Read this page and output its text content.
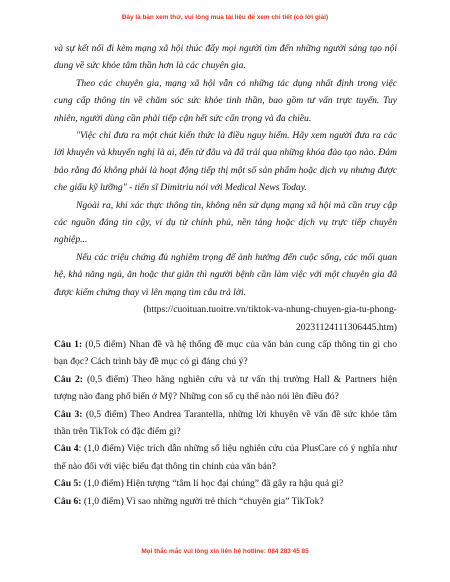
Đây là bản xem thử, vui lòng mua tài liệu để xem chi tiết (có lời giải)

và sự kết nối đi kèm mạng xã hội thúc đẩy mọi người tìm đến những người sáng tạo nội dung về sức khỏe tâm thần hơn là các chuyên gia.

Theo các chuyên gia, mạng xã hội vẫn có những tác dụng nhất định trong việc cung cấp thông tin về chăm sóc sức khỏe tinh thần, bao gồm tư vấn trực tuyến. Tuy nhiên, người dùng cần phải tiếp cận hết sức cẩn trọng và đa chiều.

"Việc chỉ đưa ra một chút kiến thức là điều nguy hiểm. Hãy xem người đưa ra các lời khuyên và khuyến nghị là ai, đến từ đâu và đã trải qua những khóa đào tạo nào. Đảm bảo rằng đó không phải là hoạt động tiếp thị một số sản phẩm hoặc dịch vụ nhưng được che giấu kỹ lưỡng" - tiến sĩ Dimitriu nói với Medical News Today.

Ngoài ra, khi xác thực thông tin, không nên sử dụng mạng xã hội mà cần truy cập các nguồn đáng tin cậy, ví dụ từ chính phủ, nền tảng hoặc dịch vụ trực tiếp chuyên nghiệp...

Nếu các triệu chứng đủ nghiêm trọng để ảnh hưởng đến cuộc sống, các mối quan hệ, khả năng ngủ, ăn hoặc thư giãn thì người bệnh cần làm việc với một chuyên gia đã được kiểm chứng thay vì lên mạng tìm câu trả lời.

(https://cuoituan.tuoitre.vn/tiktok-va-nhung-chuyen-gia-tu-phong-20231124111306445.htm)

Câu 1: (0,5 điểm) Nhan đề và hệ thống đề mục của văn bản cung cấp thông tin gì cho bạn đọc? Cách trình bày đề mục có gì đáng chú ý?

Câu 2: (0,5 điểm) Theo hãng nghiên cứu và tư vấn thị trường Hall & Partners hiện tượng nào đang phổ biến ở Mỹ? Những con số cụ thể nào nói lên điều đó?

Câu 3: (0,5 điểm) Theo Andrea Tarantella, những lời khuyên về vấn đề sức khỏe tâm thần trên TikTok có đặc điểm gì?

Câu 4: (1,0 điểm) Việc trích dẫn những số liệu nghiên cứu của PlusCare có ý nghĩa như thế nào đối với việc biểu đạt thông tin chính của văn bản?

Câu 5: (1,0 điểm) Hiện tượng “tâm lí học đại chúng” đã gây ra hậu quả gì?

Câu 6: (1,0 điểm) Vì sao những người trẻ thích “chuyên gia” TikTok?

Mọi thắc mắc vui lòng xin liên hệ hotline: 084 283 45 85
